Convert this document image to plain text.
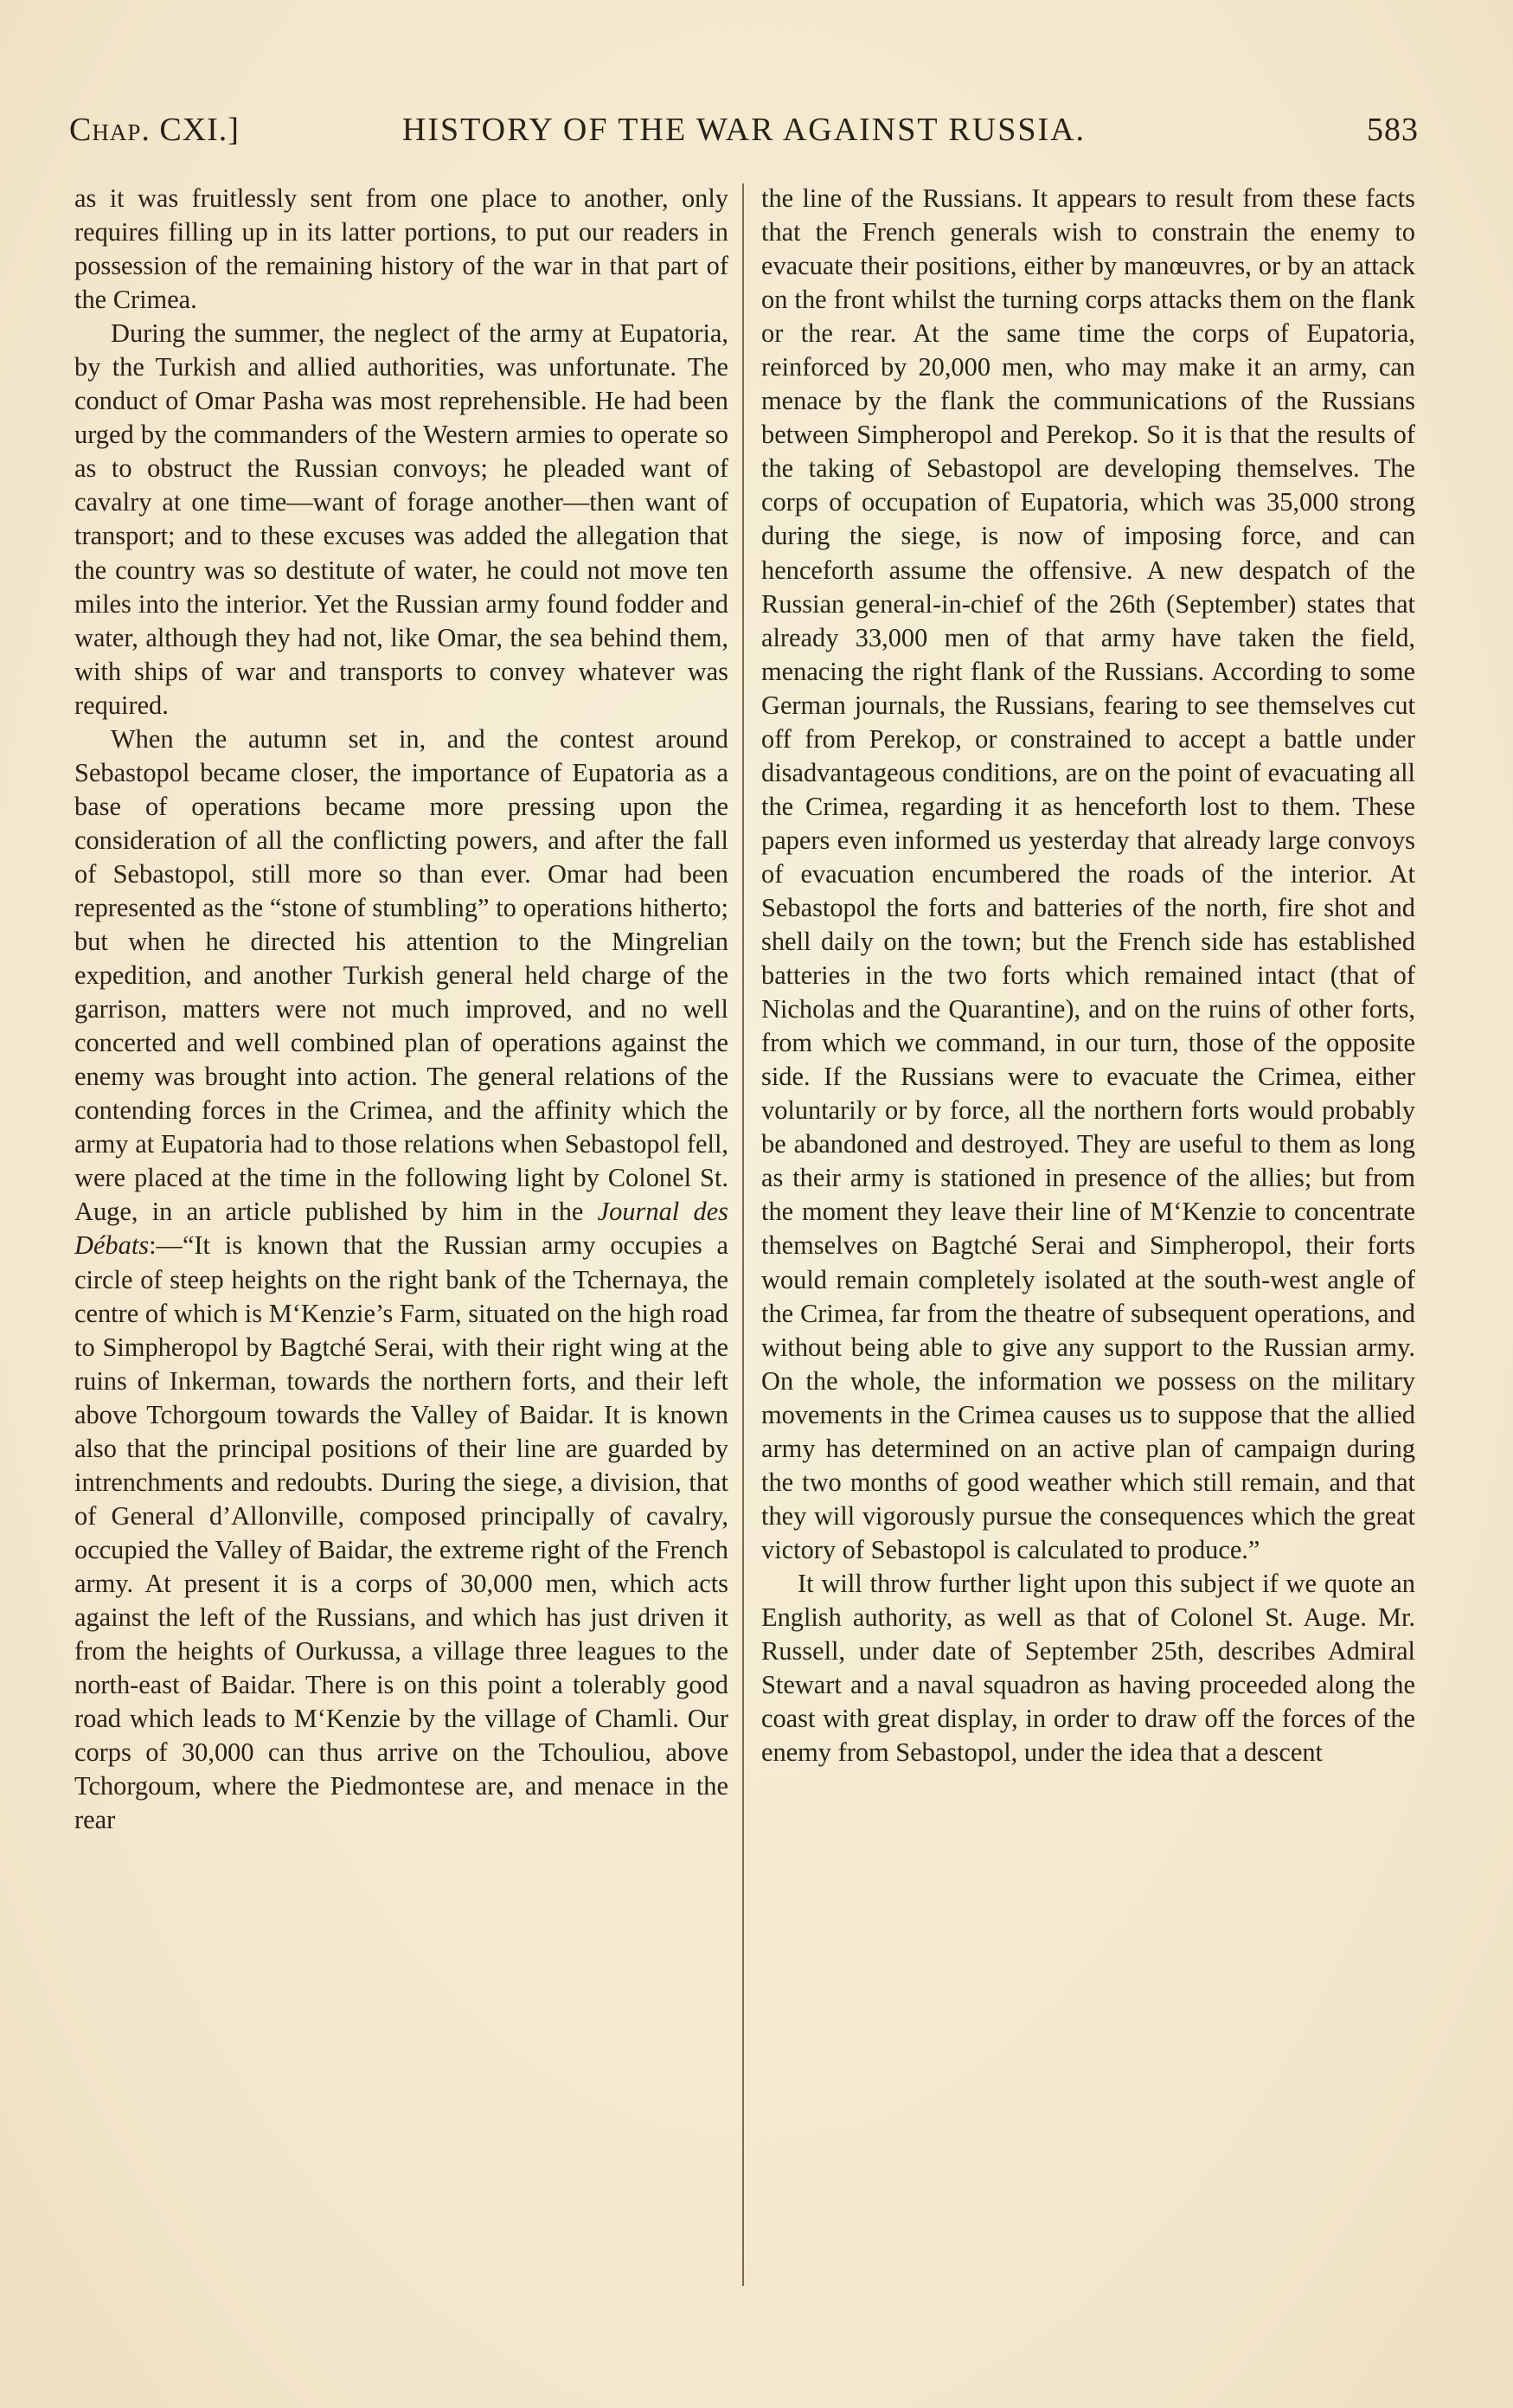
Chap. CXI.]	HISTORY OF THE WAR AGAINST RUSSIA.	583

as it was fruitlessly sent from one place to another, only requires filling up in its latter portions, to put our readers in possession of the remaining history of the war in that part of the Crimea.

During the summer, the neglect of the army at Eupatoria, by the Turkish and allied authorities, was unfortunate. The conduct of Omar Pasha was most reprehensible. He had been urged by the commanders of the Western armies to operate so as to obstruct the Russian convoys; he pleaded want of cavalry at one time—want of forage another—then want of transport; and to these excuses was added the allegation that the country was so destitute of water, he could not move ten miles into the interior. Yet the Russian army found fodder and water, although they had not, like Omar, the sea behind them, with ships of war and transports to convey whatever was required.

When the autumn set in, and the contest around Sebastopol became closer, the importance of Eupatoria as a base of operations became more pressing upon the consideration of all the conflicting powers, and after the fall of Sebastopol, still more so than ever. Omar had been represented as the “stone of stumbling” to operations hitherto; but when he directed his attention to the Mingrelian expedition, and another Turkish general held charge of the garrison, matters were not much improved, and no well concerted and well combined plan of operations against the enemy was brought into action. The general relations of the contending forces in the Crimea, and the affinity which the army at Eupatoria had to those relations when Sebastopol fell, were placed at the time in the following light by Colonel St. Auge, in an article published by him in the Journal des Débats:—“It is known that the Russian army occupies a circle of steep heights on the right bank of the Tchernaya, the centre of which is M‘Kenzie’s Farm, situated on the high road to Simpheropol by Bagtché Serai, with their right wing at the ruins of Inkerman, towards the northern forts, and their left above Tchorgoum towards the Valley of Baidar. It is known also that the principal positions of their line are guarded by intrenchments and redoubts. During the siege, a division, that of General d’Allonville, composed principally of cavalry, occupied the Valley of Baidar, the extreme right of the French army. At present it is a corps of 30,000 men, which acts against the left of the Russians, and which has just driven it from the heights of Ourkussa, a village three leagues to the north-east of Baidar. There is on this point a tolerably good road which leads to M‘Kenzie by the village of Chamli. Our corps of 30,000 can thus arrive on the Tchouliou, above Tchorgoum, where the Piedmontese are, and menace in the rear

the line of the Russians. It appears to result from these facts that the French generals wish to constrain the enemy to evacuate their positions, either by manœuvres, or by an attack on the front whilst the turning corps attacks them on the flank or the rear. At the same time the corps of Eupatoria, reinforced by 20,000 men, who may make it an army, can menace by the flank the communications of the Russians between Simpheropol and Perekop. So it is that the results of the taking of Sebastopol are developing themselves. The corps of occupation of Eupatoria, which was 35,000 strong during the siege, is now of imposing force, and can henceforth assume the offensive. A new despatch of the Russian general-in-chief of the 26th (September) states that already 33,000 men of that army have taken the field, menacing the right flank of the Russians. According to some German journals, the Russians, fearing to see themselves cut off from Perekop, or constrained to accept a battle under disadvantageous conditions, are on the point of evacuating all the Crimea, regarding it as henceforth lost to them. These papers even informed us yesterday that already large convoys of evacuation encumbered the roads of the interior. At Sebastopol the forts and batteries of the north, fire shot and shell daily on the town; but the French side has established batteries in the two forts which remained intact (that of Nicholas and the Quarantine), and on the ruins of other forts, from which we command, in our turn, those of the opposite side. If the Russians were to evacuate the Crimea, either voluntarily or by force, all the northern forts would probably be abandoned and destroyed. They are useful to them as long as their army is stationed in presence of the allies; but from the moment they leave their line of M‘Kenzie to concentrate themselves on Bagtché Serai and Simpheropol, their forts would remain completely isolated at the south-west angle of the Crimea, far from the theatre of subsequent operations, and without being able to give any support to the Russian army. On the whole, the information we possess on the military movements in the Crimea causes us to suppose that the allied army has determined on an active plan of campaign during the two months of good weather which still remain, and that they will vigorously pursue the consequences which the great victory of Sebastopol is calculated to produce.”

It will throw further light upon this subject if we quote an English authority, as well as that of Colonel St. Auge. Mr. Russell, under date of September 25th, describes Admiral Stewart and a naval squadron as having proceeded along the coast with great display, in order to draw off the forces of the enemy from Sebastopol, under the idea that a descent
